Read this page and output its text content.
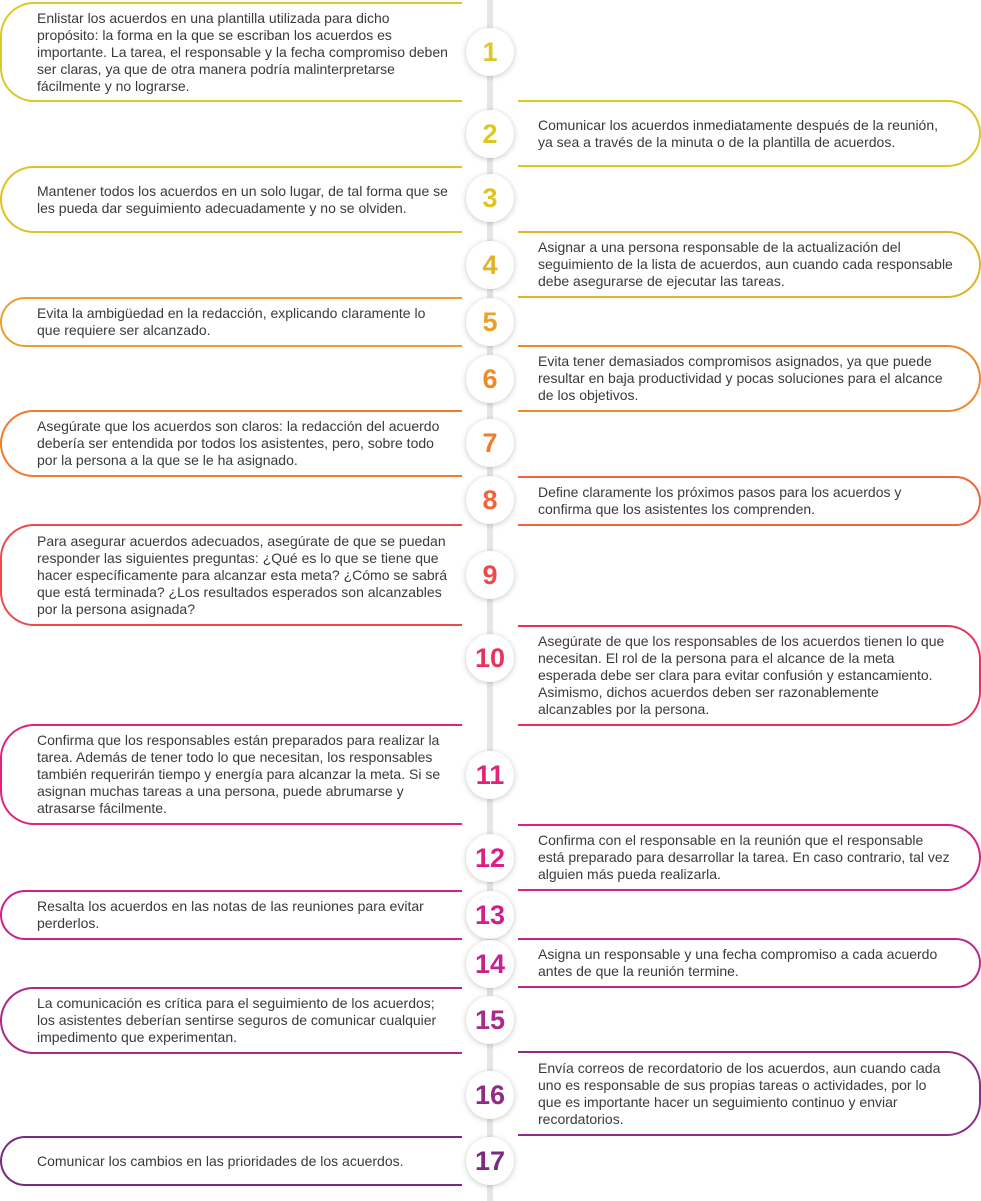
Enlistar los acuerdos en una plantilla utilizada para dicho propósito: la forma en la que se escriban los acuerdos es importante. La tarea, el responsable y la fecha compromiso deben ser claras, ya que de otra manera podría malinterpretarse fácilmente y no lograrse.
1
Comunicar los acuerdos inmediatamente después de la reunión, ya sea a través de la minuta o de la plantilla de acuerdos.
2
Mantener todos los acuerdos en un solo lugar, de tal forma que se les pueda dar seguimiento adecuadamente y no se olviden.	3
Asignar a una persona responsable de la actualización del seguimiento de la lista de acuerdos, aun cuando cada responsable debe asegurarse de ejecutar las tareas.
4
Evita la ambigüedad en la redacción, explicando claramente lo que requiere ser alcanzado.	5
Evita tener demasiados compromisos asignados, ya que puede resultar en baja productividad y pocas soluciones para el alcance de los objetivos.
6
Asegúrate que los acuerdos son claros: la redacción del acuerdo debería ser entendida por todos los asistentes, pero, sobre todo por la persona a la que se le ha asignado.
7
Define claramente los próximos pasos para los acuerdos y confirma que los asistentes los comprenden.
8
Para asegurar acuerdos adecuados, asegúrate de que se puedan responder las siguientes preguntas: ¿Qué es lo que se tiene que hacer específicamente para alcanzar esta meta? ¿Cómo se sabrá que está terminada? ¿Los resultados esperados son alcanzables por la persona asignada?
9
Asegúrate de que los responsables de los acuerdos tienen lo que necesitan. El rol de la persona para el alcance de la meta esperada debe ser clara para evitar confusión y estancamiento. Asimismo, dichos acuerdos deben ser razonablemente alcanzables por la persona.
10
Confirma que los responsables están preparados para realizar la tarea. Además de tener todo lo que necesitan, los responsables también requerirán tiempo y energía para alcanzar la meta. Si se asignan muchas tareas a una persona, puede abrumarse y atrasarse fácilmente.
11
Confirma con el responsable en la reunión que el responsable está preparado para desarrollar la tarea. En caso contrario, tal vez alguien más pueda realizarla.
12
Resalta los acuerdos en las notas de las reuniones para evitar perderlos.	13
Asigna un responsable y una fecha compromiso a cada acuerdo antes de que la reunión termine.
14
La comunicación es crítica para el seguimiento de los acuerdos; los asistentes deberían sentirse seguros de comunicar cualquier impedimento que experimentan.
15
Envía correos de recordatorio de los acuerdos, aun cuando cada uno es responsable de sus propias tareas o actividades, por lo que es importante hacer un seguimiento continuo y enviar recordatorios.
16
Comunicar los cambios en las prioridades de los acuerdos.	17
